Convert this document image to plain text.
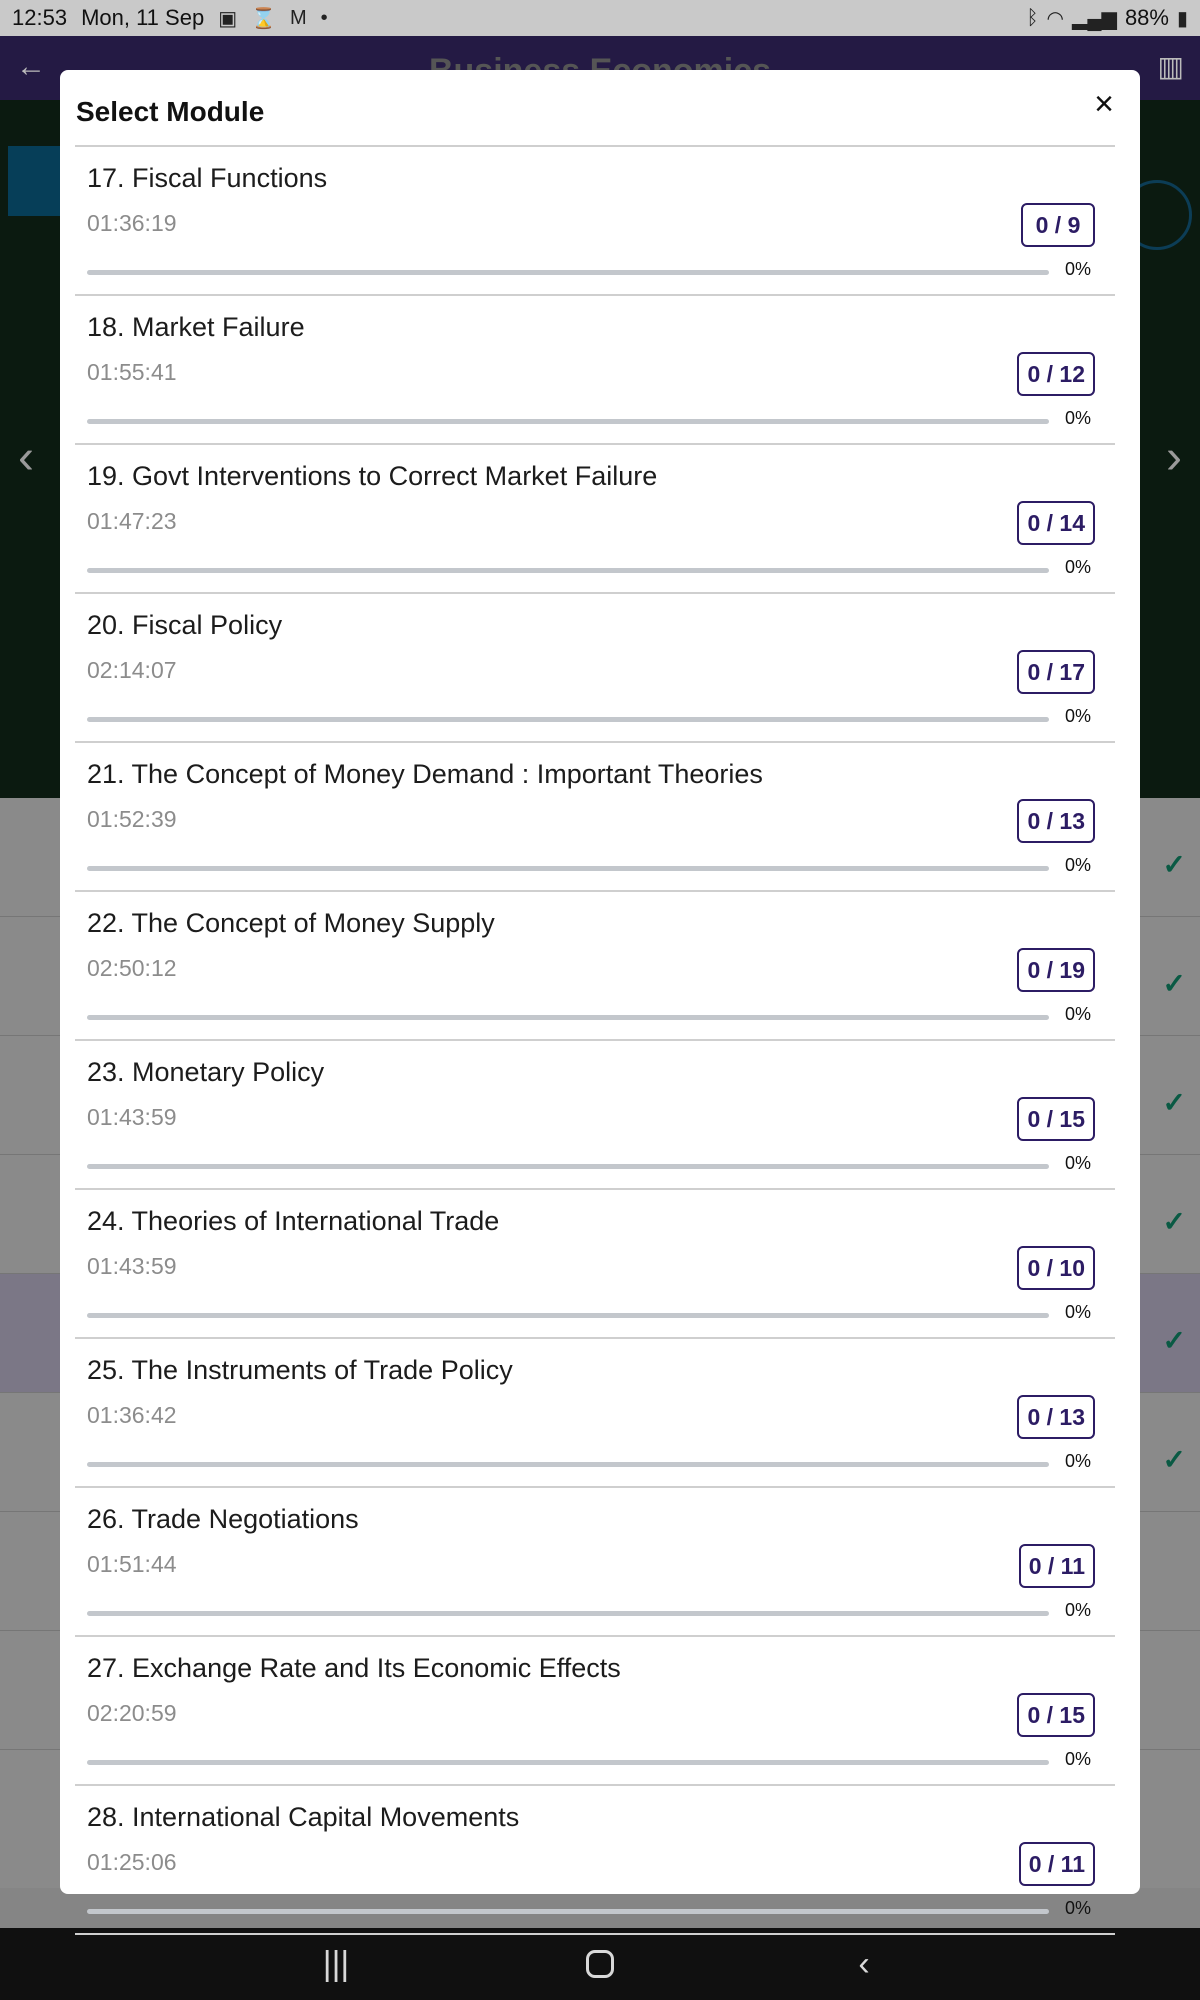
12:53 Mon, 11 Sep ▣ ⌛ M •	ᛒ ◠ ▂▄▆ 88% ▮
←	▥
‹	›
✓
✓
✓
✓
✓
✓
|||	‹
Select Module	×
17. Fiscal Functions
01:36:19	0 / 9
0%
18. Market Failure
01:55:41	0 / 12
0%
19. Govt Interventions to Correct Market Failure
01:47:23	0 / 14
0%
20. Fiscal Policy
02:14:07	0 / 17
0%
21. The Concept of Money Demand : Important Theories
01:52:39	0 / 13
0%
22. The Concept of Money Supply
02:50:12	0 / 19
0%
23. Monetary Policy
01:43:59	0 / 15
0%
24. Theories of International Trade
01:43:59	0 / 10
0%
25. The Instruments of Trade Policy
01:36:42	0 / 13
0%
26. Trade Negotiations
01:51:44	0 / 11
0%
27. Exchange Rate and Its Economic Effects
02:20:59	0 / 15
0%
28. International Capital Movements
01:25:06	0 / 11
0%
